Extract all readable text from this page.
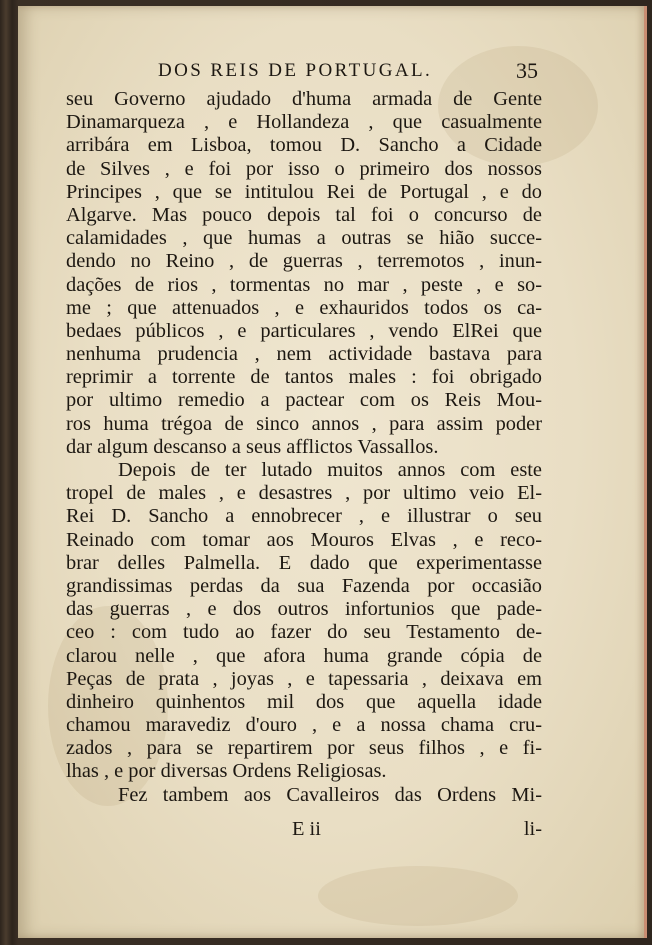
DOS REIS DE PORTUGAL.	35
seu Governo ajudado d'huma armada de Gente
Dinamarqueza , e Hollandeza , que casualmente
arribára em Lisboa, tomou D. Sancho a Cidade
de Silves , e foi por isso o primeiro dos nossos
Principes , que se intitulou Rei de Portugal , e do
Algarve. Mas pouco depois tal foi o concurso de
calamidades , que humas a outras se hião succe-
dendo no Reino , de guerras , terremotos , inun-
dações de rios , tormentas no mar , peste , e so-
me ; que attenuados , e exhauridos todos os ca-
bedaes públicos , e particulares , vendo ElRei que
nenhuma prudencia , nem actividade bastava para
reprimir a torrente de tantos males : foi obrigado
por ultimo remedio a pactear com os Reis Mou-
ros huma trégoa de sinco annos , para assim poder
dar algum descanso a seus afflictos Vassallos.
Depois de ter lutado muitos annos com este
tropel de males , e desastres , por ultimo veio El-
Rei D. Sancho a ennobrecer , e illustrar o seu
Reinado com tomar aos Mouros Elvas , e reco-
brar delles Palmella. E dado que experimentasse
grandissimas perdas da sua Fazenda por occasião
das guerras , e dos outros infortunios que pade-
ceo : com tudo ao fazer do seu Testamento de-
clarou nelle , que afora huma grande cópia de
Peças de prata , joyas , e tapessaria , deixava em
dinheiro quinhentos mil dos que aquella idade
chamou maravediz d'ouro , e a nossa chama cru-
zados , para se repartirem por seus filhos , e fi-
lhas , e por diversas Ordens Religiosas.
Fez tambem aos Cavalleiros das Ordens Mi-
E ii	li-
